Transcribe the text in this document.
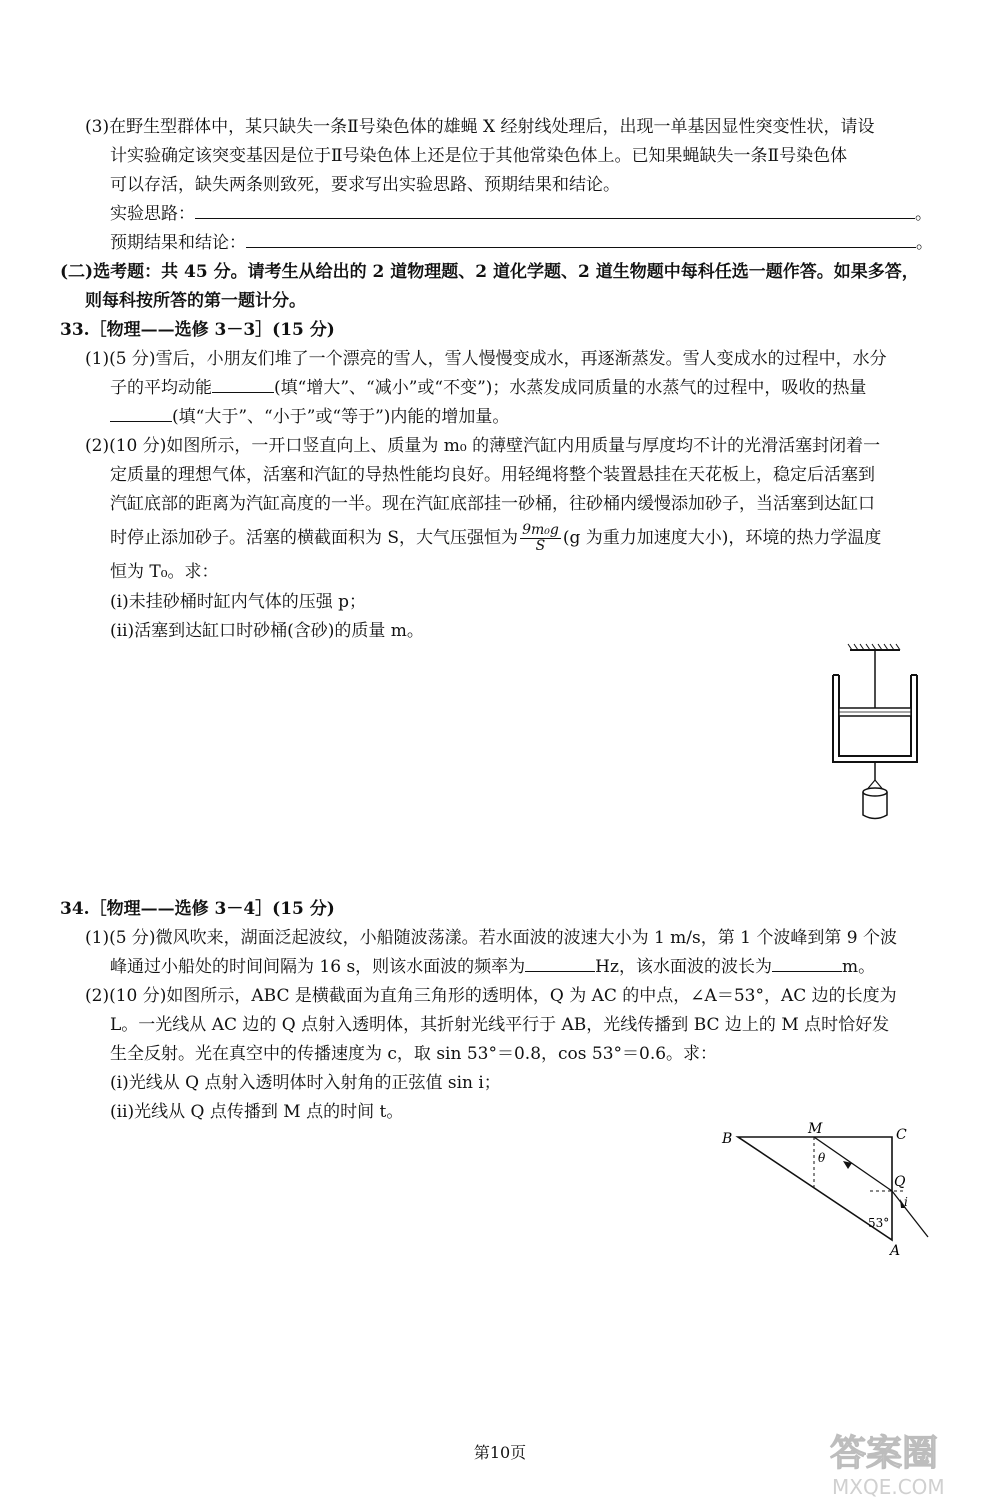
(3)在野生型群体中，某只缺失一条Ⅱ号染色体的雄蝇 X 经射线处理后，出现一单基因显性突变性状，请设
计实验确定该突变基因是位于Ⅱ号染色体上还是位于其他常染色体上。已知果蝇缺失一条Ⅱ号染色体
可以存活，缺失两条则致死，要求写出实验思路、预期结果和结论。
实验思路：	。
预期结果和结论：	。
(二)选考题：共 45 分。请考生从给出的 2 道物理题、2 道化学题、2 道生物题中每科任选一题作答。如果多答，
则每科按所答的第一题计分。
33.［物理——选修 3－3］(15 分)
(1)(5 分)雪后，小朋友们堆了一个漂亮的雪人，雪人慢慢变成水，再逐渐蒸发。雪人变成水的过程中，水分
子的平均动能	(填“增大”、“减小”或“不变”)；水蒸发成同质量的水蒸气的过程中，吸收的热量
(填“大于”、“小于”或“等于”)内能的增加量。
(2)(10 分)如图所示，一开口竖直向上、质量为 m₀ 的薄壁汽缸内用质量与厚度均不计的光滑活塞封闭着一
定质量的理想气体，活塞和汽缸的导热性能均良好。用轻绳将整个装置悬挂在天花板上，稳定后活塞到
汽缸底部的距离为汽缸高度的一半。现在汽缸底部挂一砂桶，往砂桶内缓慢添加砂子，当活塞到达缸口
时停止添加砂子。活塞的横截面积为 S，大气压强恒为 $\frac{\text{9m₀g}}{S} (g$ 为重力加速度大小)，环境的热力学温度
恒为 T₀。求：
(ⅰ)未挂砂桶时缸内气体的压强 p；
(ⅱ)活塞到达缸口时砂桶(含砂)的质量 m。
34.［物理——选修 3－4］(15 分)
(1)(5 分)微风吹来，湖面泛起波纹，小船随波荡漾。若水面波的波速大小为 1 m/s，第 1 个波峰到第 9 个波
峰通过小船处的时间间隔为 16 s，则该水面波的频率为	Hz，该水面波的波长为	m。
(2)(10 分)如图所示，ABC 是横截面为直角三角形的透明体，Q 为 AC 的中点，∠A＝53°，AC 边的长度为
L。一光线从 AC 边的 Q 点射入透明体，其折射光线平行于 AB，光线传播到 BC 边上的 M 点时恰好发
生全反射。光在真空中的传播速度为 c，取 sin 53°＝0.8，cos 53°＝0.6。求：
(ⅰ)光线从 Q 点射入透明体时入射角的正弦值 sin i；
(ⅱ)光线从 Q 点传播到 M 点的时间 t。
B
M	C
Q
A
θ
i
53°
第10页	答案圈
MXQE.COM
